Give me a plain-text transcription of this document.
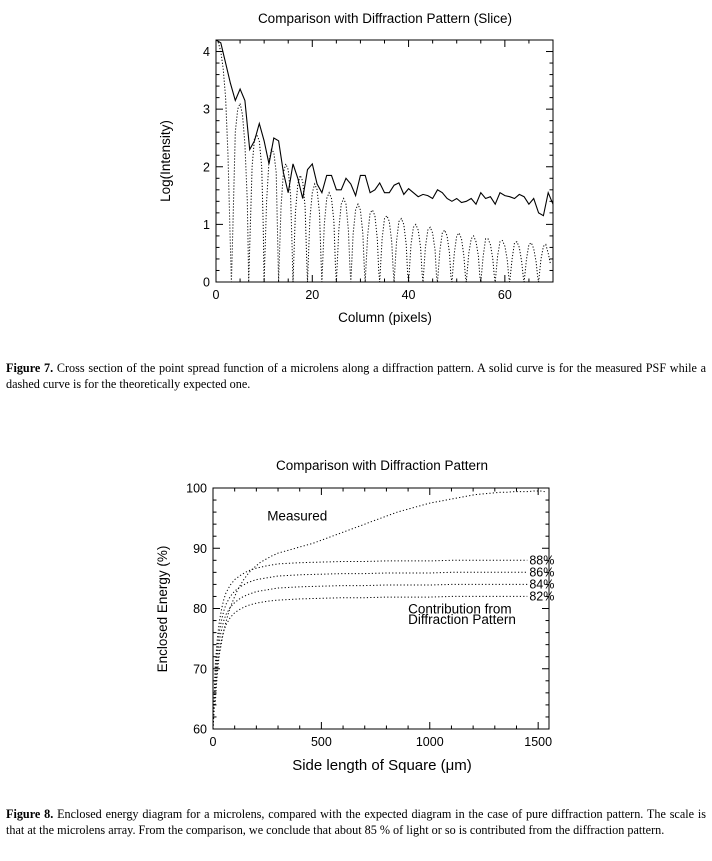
Comparison with Diffraction Pattern (Slice)
0	20	40	60
0
1
2
3
4
Column (pixels)
Log(Intensity)
Figure 7. Cross section of the point spread function of a microlens along a diffraction pattern. A solid curve is for the measured PSF while a dashed curve is for the theoretically expected one.
Comparison with Diffraction Pattern
0	500	1000	1500
60
70
80
90
100
Measured
Contribution from
Diffraction Pattern
88%
86%
84%
82%
Side length of Square (μm)
Enclosed Energy (%)
Figure 8. Enclosed energy diagram for a microlens, compared with the expected diagram in the case of pure diffraction pattern. The scale is that at the microlens array. From the comparison, we conclude that about 85 % of light or so is contributed from the diffraction pattern.
